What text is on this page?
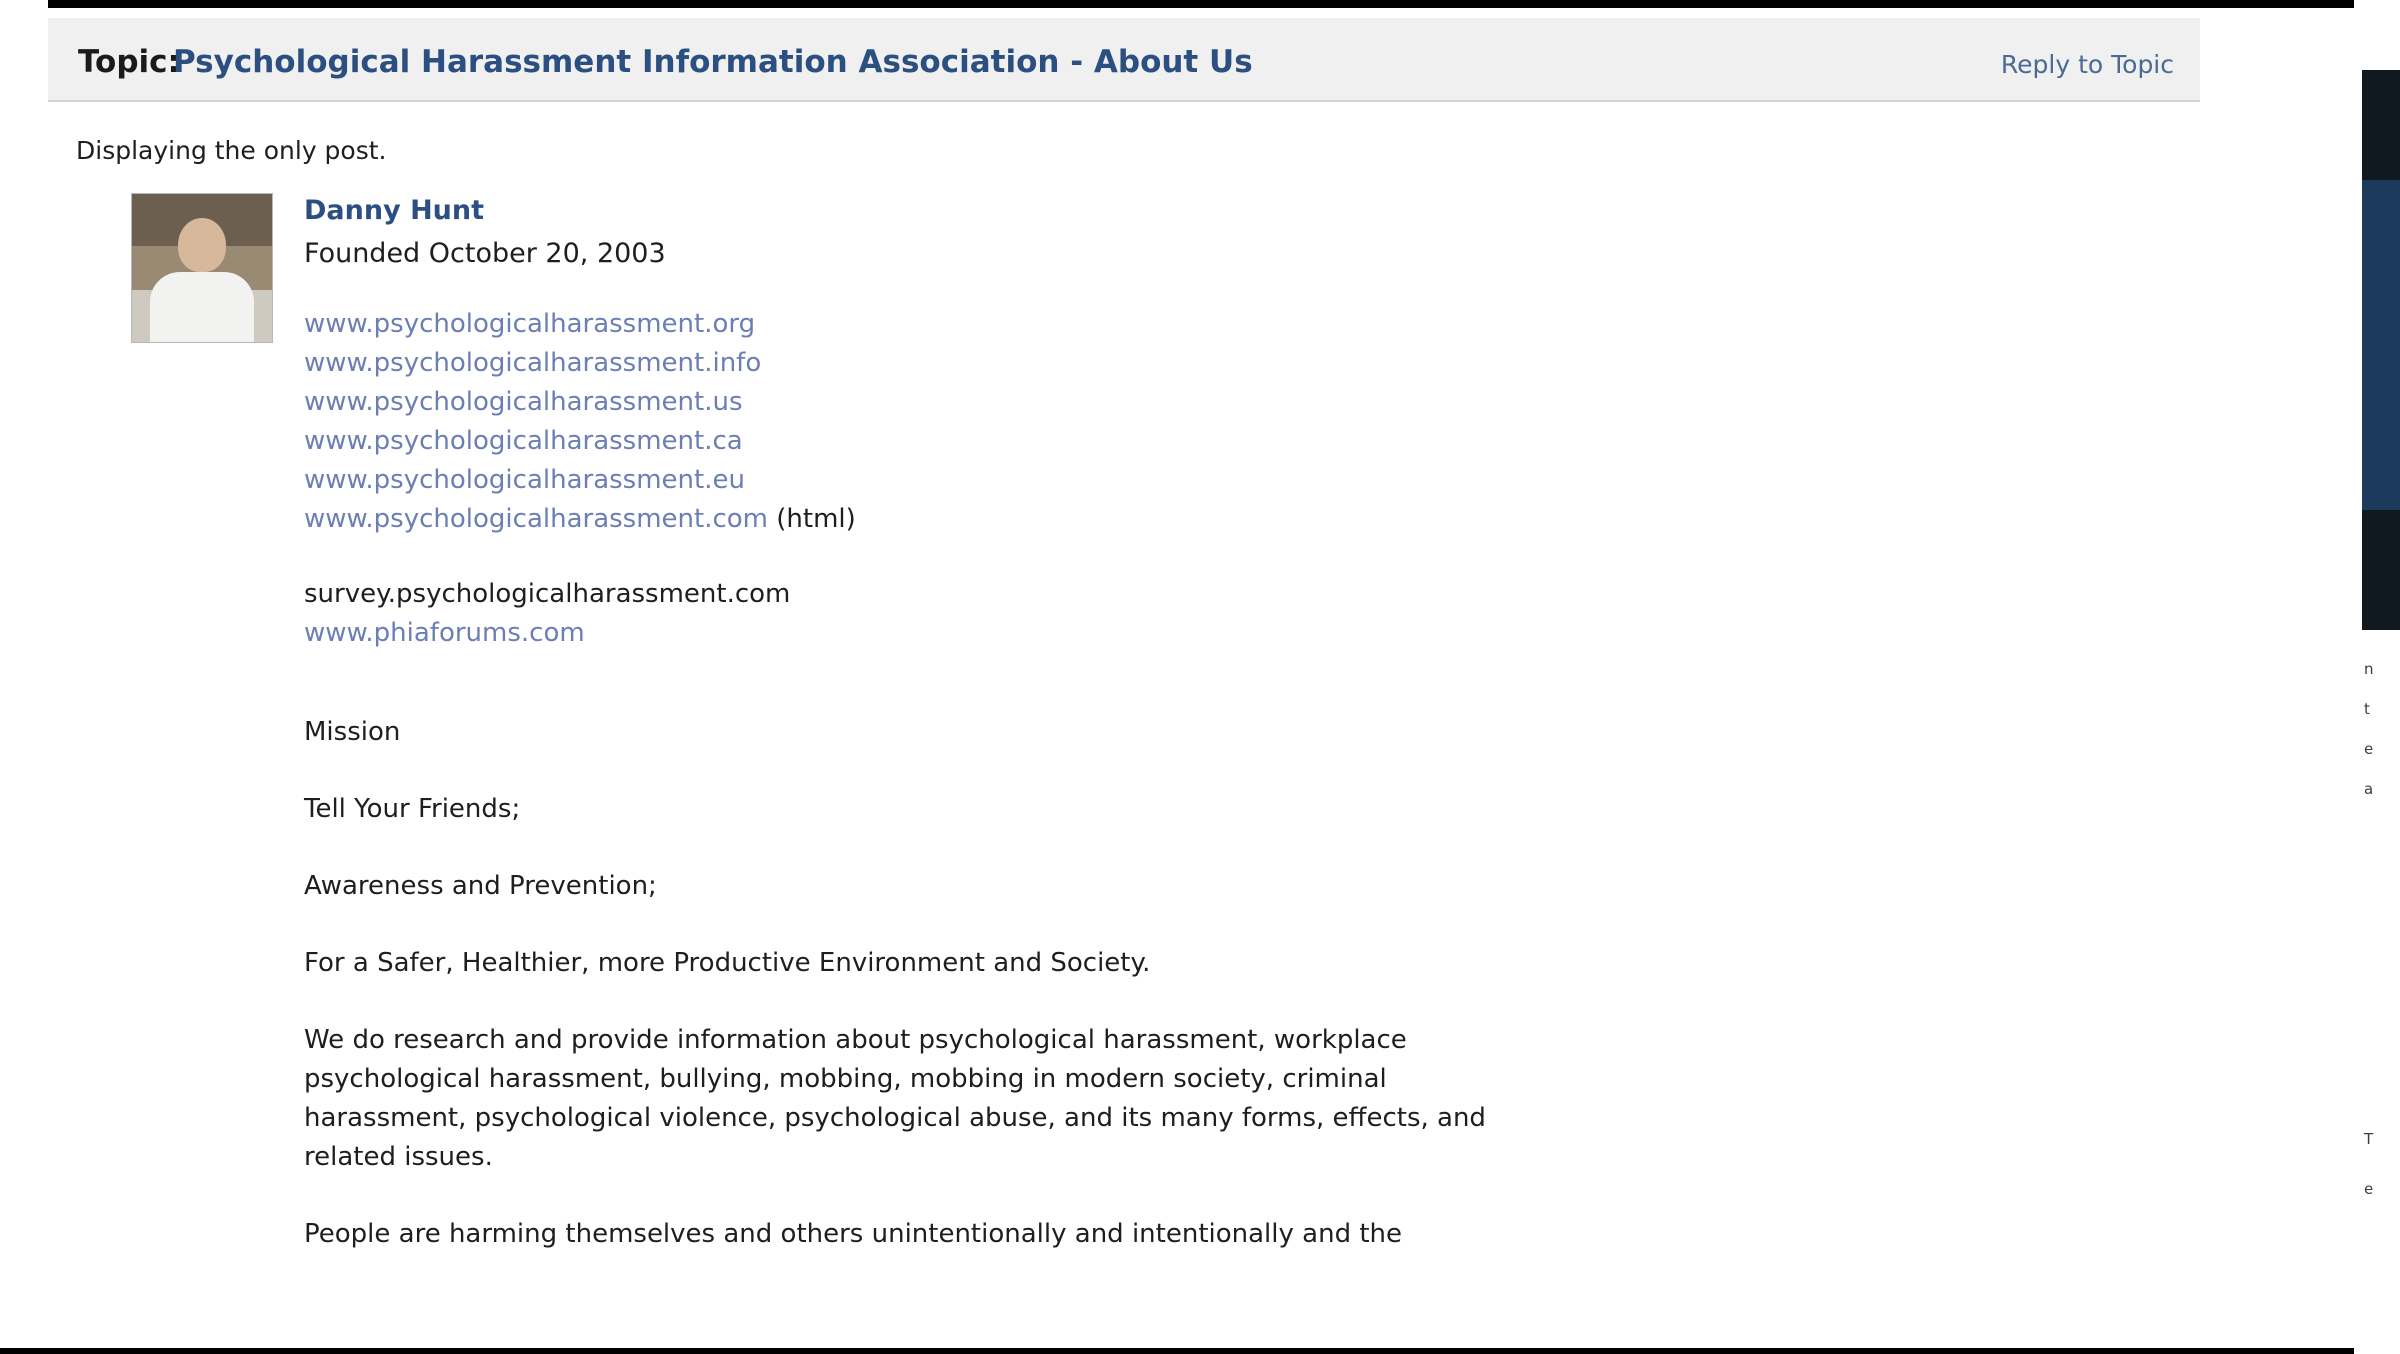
Topic:
Psychological Harassment Information Association - About Us	Reply to Topic
Displaying the only post.
Danny Hunt
Founded October 20, 2003
www.psychologicalharassment.org
www.psychologicalharassment.info
www.psychologicalharassment.us
www.psychologicalharassment.ca
www.psychologicalharassment.eu
www.psychologicalharassment.com (html)
survey.psychologicalharassment.com
www.phiaforums.com
Mission
Tell Your Friends;
Awareness and Prevention;
For a Safer, Healthier, more Productive Environment and Society.
We do research and provide information about psychological harassment, workplace psychological harassment, bullying, mobbing, mobbing in modern society, criminal harassment, psychological violence, psychological abuse, and its many forms, effects, and related issues.
People are harming themselves and others unintentionally and intentionally and the
n
t
e
a
T
e
